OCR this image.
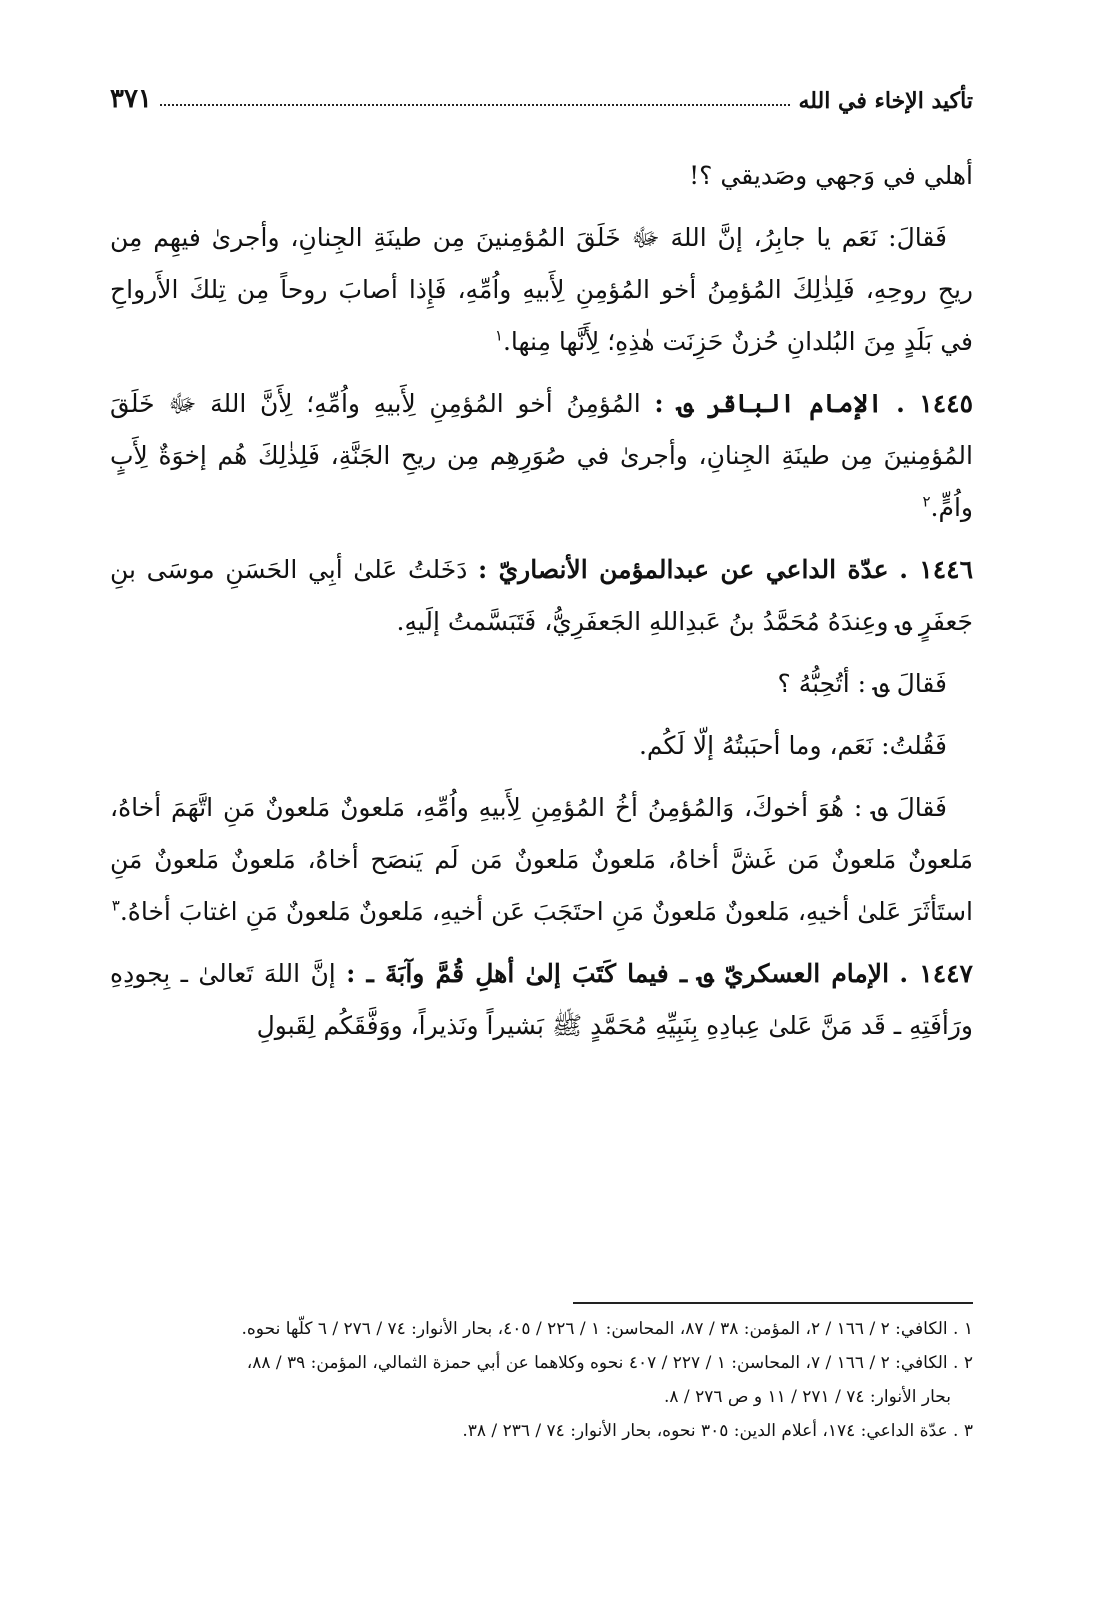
تأكيد الإخاء في الله
٣٧١

أهلي في وَجهي وصَديقي ؟!

فَقالَ: نَعَم يا جابِرُ، إنَّ اللهَ ﷻ خَلَقَ المُؤمِنينَ مِن طينَةِ الجِنانِ، وأجرىٰ فيهِم مِن ريحِ روحِهِ، فَلِذٰلِكَ المُؤمِنُ أخو المُؤمِنِ لِأَبيهِ واُمِّهِ، فَإِذا أصابَ روحاً مِن تِلكَ الأَرواحِ في بَلَدٍ مِنَ البُلدانِ حُزنٌ حَزِنَت هٰذِهِ؛ لِأَنَّها مِنها.$^١$

١٤٤٥ . الإمام الباقر ؈ : المُؤمِنُ أخو المُؤمِنِ لِأَبيهِ واُمِّهِ؛ لِأَنَّ اللهَ ﷻ خَلَقَ المُؤمِنينَ مِن طينَةِ الجِنانِ، وأجرىٰ في صُوَرِهِم مِن ريحِ الجَنَّةِ، فَلِذٰلِكَ هُم إخوَةٌ لِأَبٍ واُمٍّ.$^٢$

١٤٤٦ . عدّة الداعي عن عبدالمؤمن الأنصاريّ : دَخَلتُ عَلىٰ أبِي الحَسَنِ موسَى بنِ جَعفَرٍ ؈ وعِندَهُ مُحَمَّدُ بنُ عَبدِاللهِ الجَعفَرِيُّ، فَتَبَسَّمتُ إلَيهِ.

فَقالَ ؈ : أتُحِبُّهُ ؟

فَقُلتُ: نَعَم، وما أحبَبتُهُ إلّا لَكُم.

فَقالَ ؈ : هُوَ أخوكَ، وَالمُؤمِنُ أخُ المُؤمِنِ لِأَبيهِ واُمِّهِ، مَلعونٌ مَلعونٌ مَنِ اتَّهَمَ أخاهُ، مَلعونٌ مَلعونٌ مَن غَشَّ أخاهُ، مَلعونٌ مَلعونٌ مَن لَم يَنصَح أخاهُ، مَلعونٌ مَلعونٌ مَنِ استَأثَرَ عَلىٰ أخيهِ، مَلعونٌ مَلعونٌ مَنِ احتَجَبَ عَن أخيهِ، مَلعونٌ مَلعونٌ مَنِ اغتابَ أخاهُ.$^٣$

١٤٤٧ . الإمام العسكريّ ؈ ـ فيما كَتَبَ إلىٰ أهلِ قُمَّ وآبَةَ ـ : إنَّ اللهَ تَعالىٰ ـ بِجودِهِ ورَأفَتِهِ ـ قَد مَنَّ عَلىٰ عِبادِهِ بِنَبِيِّهِ مُحَمَّدٍ ﷺ بَشيراً ونَذيراً، ووَفَّقَكُم لِقَبولِ

١ . الكافي: ٢ / ١٦٦ / ٢، المؤمن: ٣٨ / ٨٧، المحاسن: ١ / ٢٢٦ / ٤٠٥، بحار الأنوار: ٧٤ / ٢٧٦ / ٦ كلّها نحوه.

٢ . الكافي: ٢ / ١٦٦ / ٧، المحاسن: ١ / ٢٢٧ / ٤٠٧ نحوه وكلاهما عن أبي حمزة الثمالي، المؤمن: ٣٩ / ٨٨،
بحار الأنوار: ٧٤ / ٢٧١ / ١١ و ص ٢٧٦ / ٨.

٣ . عدّة الداعي: ١٧٤، أعلام الدين: ٣٠٥ نحوه، بحار الأنوار: ٧٤ / ٢٣٦ / ٣٨.
